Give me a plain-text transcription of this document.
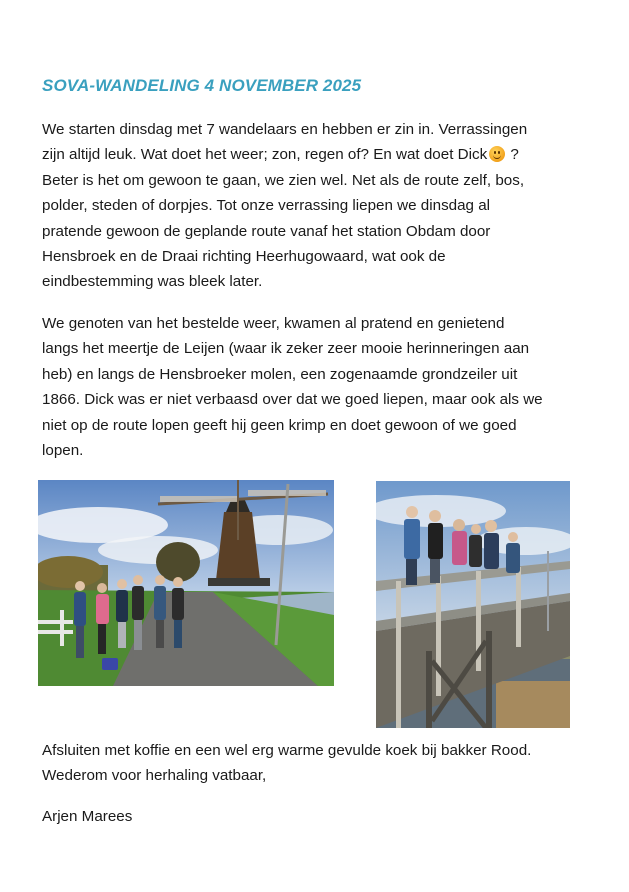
SOVA-WANDELING 4 NOVEMBER 2025

We starten dinsdag met 7 wandelaars en hebben er zin in. Verrassingen
zijn altijd leuk. Wat doet het weer; zon, regen of? En wat doet Dick ?
Beter is het om gewoon te gaan, we zien wel. Net als de route zelf, bos,
polder, steden of dorpjes. Tot onze verrassing liepen we dinsdag al
pratende gewoon de geplande route vanaf het station Obdam door
Hensbroek en de Draai richting Heerhugowaard, wat ook de
eindbestemming was bleek later.

We genoten van het bestelde weer, kwamen al pratend en genietend
langs het meertje de Leijen (waar ik zeker zeer mooie herinneringen aan
heb) en langs de Hensbroeker molen, een zogenaamde grondzeiler uit
1866. Dick was er niet verbaasd over dat we goed liepen, maar ook als we
niet op de route lopen geeft hij geen krimp en doet gewoon of we goed
lopen.

Afsluiten met koffie en een wel erg warme gevulde koek bij bakker Rood.
Wederom voor herhaling vatbaar,

Arjen Marees
